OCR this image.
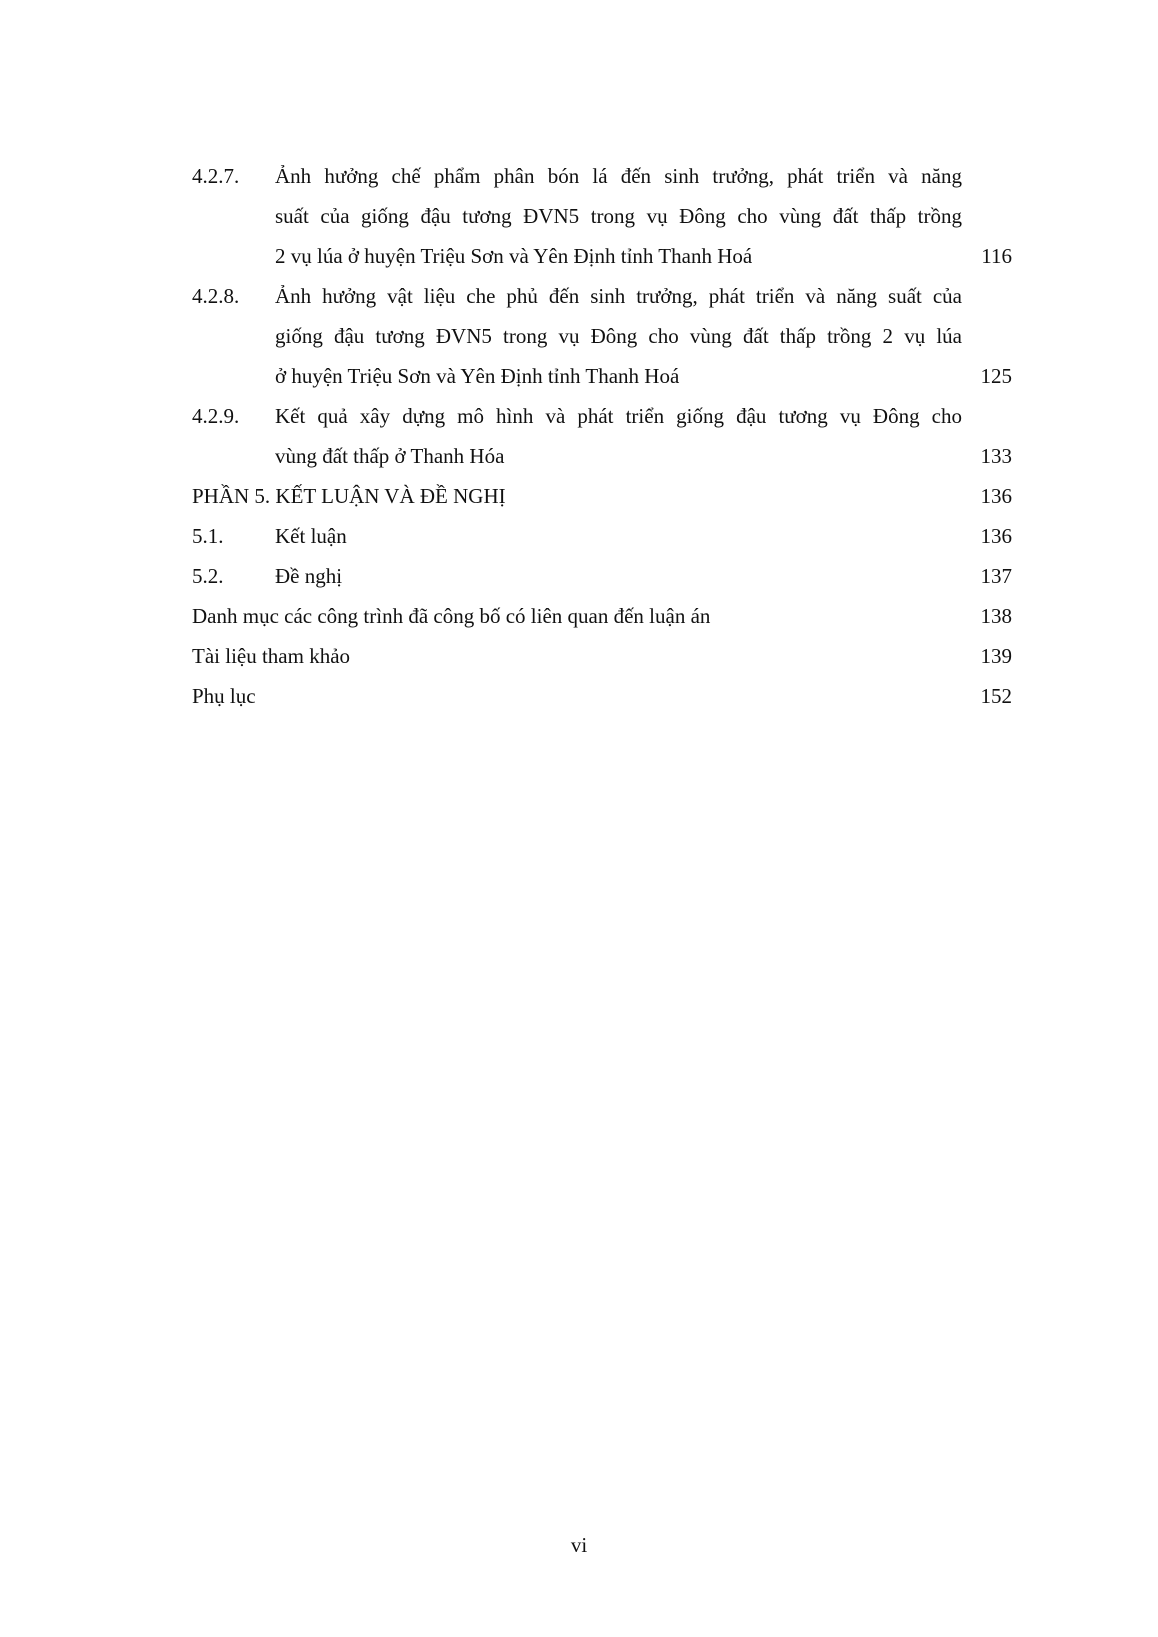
4.2.7.	Ảnh hưởng chế phẩm phân bón lá đến sinh trưởng, phát triển và năng
suất của giống đậu tương ĐVN5 trong vụ Đông cho vùng đất thấp trồng
2 vụ lúa ở huyện Triệu Sơn và Yên Định tỉnh Thanh Hoá	116
4.2.8.	Ảnh hưởng vật liệu che phủ đến sinh trưởng, phát triển và năng suất của
giống đậu tương ĐVN5 trong vụ Đông cho vùng đất thấp trồng 2 vụ lúa
ở huyện Triệu Sơn và Yên Định tỉnh Thanh Hoá	125
4.2.9.	Kết quả xây dựng mô hình và phát triển giống đậu tương vụ Đông cho
vùng đất thấp ở Thanh Hóa	133
PHẦN 5. KẾT LUẬN VÀ ĐỀ NGHỊ	136
5.1.	Kết luận	136
5.2.	Đề nghị	137
Danh mục các công trình đã công bố có liên quan đến luận án	138
Tài liệu tham khảo	139
Phụ lục	152
vi
